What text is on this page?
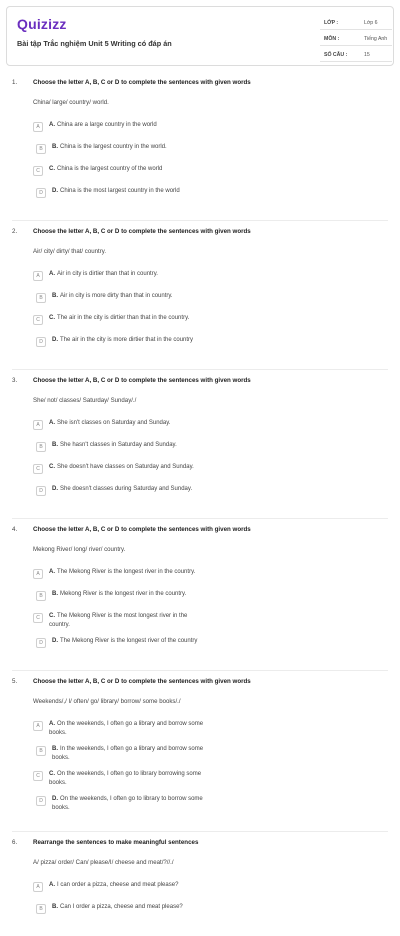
Quizizz
Bài tập Trắc nghiệm Unit 5 Writing có đáp án
LỚP :	Lớp 6
MÔN :	Tiếng Anh
SỐ CÂU :	15
1.	Choose the letter A, B, C or D to complete the sentences with given words
China/ large/ country/ world.
A	A. China are a large country in the world
B	B. China is the largest country in the world.
C	C. China is the largest country of the world
D	D. China is the most largest country in the world
2.	Choose the letter A, B, C or D to complete the sentences with given words
Air/ city/ dirty/ that/ country.
A	A. Air in city is dirtier than that in country.
B	B. Air in city is more dirty than that in country.
C	C. The air in the city is dirtier than that in the country.
D	D. The air in the city is more dirtier that in the country
3.	Choose the letter A, B, C or D to complete the sentences with given words
She/ not/ classes/ Saturday/ Sunday/./
A	A. She isn't classes on Saturday and Sunday.
B	B. She hasn't classes in Saturday and Sunday.
C	C. She doesn't have classes on Saturday and Sunday.
D	D. She doesn't classes during Saturday and Sunday.
4.	Choose the letter A, B, C or D to complete the sentences with given words
Mekong River/ long/ river/ country.
A	A. The Mekong River is the longest river in the country.
B	B. Mekong River is the longest river in the country.
C	C. The Mekong River is the most longest river in the country.
D	D. The Mekong River is the longest river of the country
5.	Choose the letter A, B, C or D to complete the sentences with given words
Weekends/,/ I/ often/ go/ library/ borrow/ some books/./
A	A. On the weekends, I often go a library and borrow some books.
B	B. In the weekends, I often go a library and borrow some books.
C	C. On the weekends, I often go to library borrowing some books.
D	D. On the weekends, I often go to library to borrow some books.
6.	Rearrange the sentences to make meaningful sentences
A/ pizza/ order/ Can/ please/I/ cheese and meat/?//./
A	A. I can order a pizza, cheese and meat please?
B	B. Can I order a pizza, cheese and meat please?
